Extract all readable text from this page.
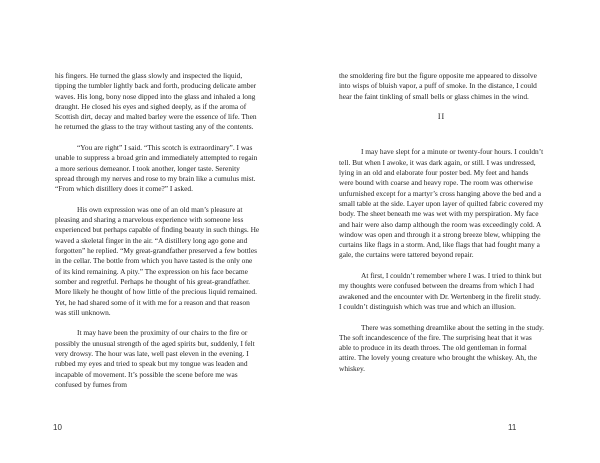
his fingers. He turned the glass slowly and inspected the liquid, tipping the tumbler lightly back and forth, producing delicate amber waves. His long, bony nose dipped into the glass and inhaled a long draught. He closed his eyes and sighed deeply, as if the aroma of Scottish dirt, decay and malted barley were the essence of life. Then he returned the glass to the tray without tasting any of the contents.

“You are right” I said. “This scotch is extraordinary”. I was unable to suppress a broad grin and immediately attempted to regain a more serious demeanor. I took another, longer taste. Serenity spread through my nerves and rose to my brain like a cumulus mist. “From which distillery does it come?” I asked.

His own expression was one of an old man’s pleasure at pleasing and sharing a marvelous experience with someone less experienced but perhaps capable of finding beauty in such things. He waved a skeletal finger in the air. “A distillery long ago gone and forgotten” he replied. “My great-grandfather preserved a few bottles in the cellar. The bottle from which you have tasted is the only one of its kind remaining. A pity.” The expression on his face became somber and regretful. Perhaps he thought of his great-grandfather. More likely he thought of how little of the precious liquid remained. Yet, he had shared some of it with me for a reason and that reason was still unknown.

It may have been the proximity of our chairs to the fire or possibly the unusual strength of the aged spirits but, suddenly, I felt very drowsy. The hour was late, well past eleven in the evening. I rubbed my eyes and tried to speak but my tongue was leaden and incapable of movement. It’s possible the scene before me was confused by fumes from

10

the smoldering fire but the figure opposite me appeared to dissolve into wisps of bluish vapor, a puff of smoke. In the distance, I could hear the faint tinkling of small bells or glass chimes in the wind.

II

I may have slept for a minute or twenty-four hours. I couldn’t tell. But when I awoke, it was dark again, or still. I was undressed, lying in an old and elaborate four poster bed. My feet and hands were bound with coarse and heavy rope. The room was otherwise unfurnished except for a martyr’s cross hanging above the bed and a small table at the side. Layer upon layer of quilted fabric covered my body. The sheet beneath me was wet with my perspiration. My face and hair were also damp although the room was exceedingly cold. A window was open and through it a strong breeze blew, whipping the curtains like flags in a storm. And, like flags that had fought many a gale, the curtains were tattered beyond repair.

At first, I couldn’t remember where I was. I tried to think but my thoughts were confused between the dreams from which I had awakened and the encounter with Dr. Wertenberg in the firelit study. I couldn’t distinguish which was true and which an illusion.

There was something dreamlike about the setting in the study. The soft incandescence of the fire. The surprising heat that it was able to produce in its death throes. The old gentleman in formal attire. The lovely young creature who brought the whiskey. Ah, the whiskey.

11
